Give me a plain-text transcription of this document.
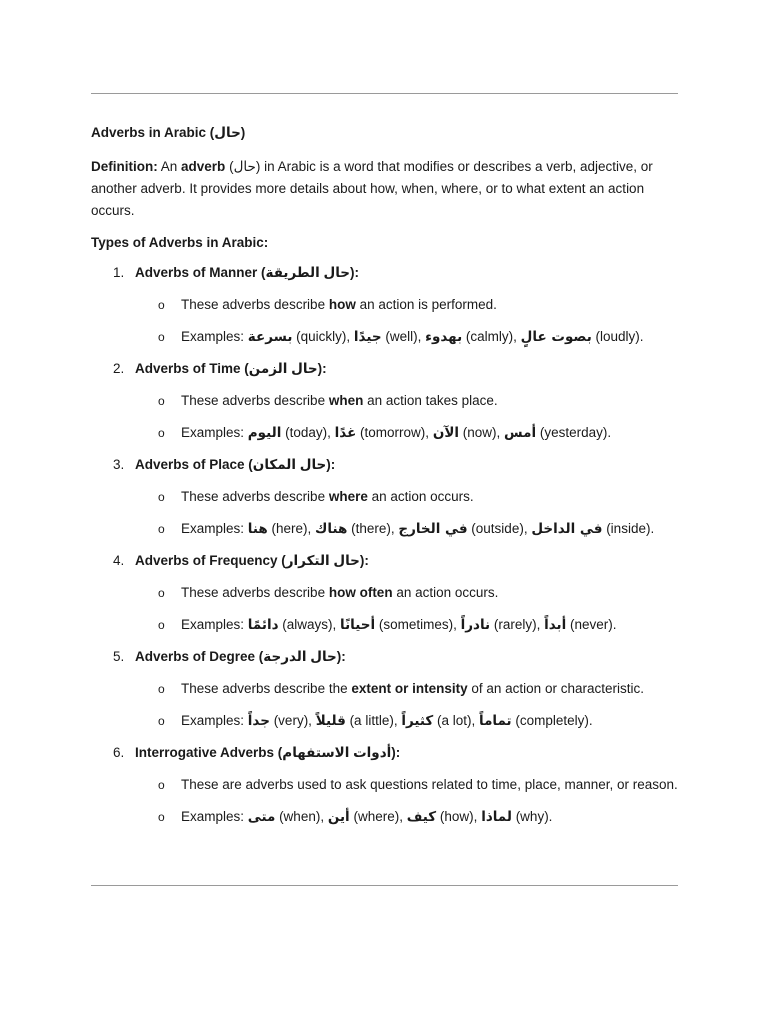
Adverbs in Arabic (حال)

Definition: An adverb (حال) in Arabic is a word that modifies or describes a verb, adjective, or another adverb. It provides more details about how, when, where, or to what extent an action occurs.

Types of Adverbs in Arabic:
1. Adverbs of Manner (حال الطريقة):
o These adverbs describe how an action is performed.
o Examples: بسرعة (quickly), جيدًا (well), بهدوء (calmly), بصوت عالٍ (loudly).
2. Adverbs of Time (حال الزمن):
o These adverbs describe when an action takes place.
o Examples: اليوم (today), غدًا (tomorrow), الآن (now), أمس (yesterday).
3. Adverbs of Place (حال المكان):
o These adverbs describe where an action occurs.
o Examples: هنا (here), هناك (there), في الخارج (outside), في الداخل (inside).
4. Adverbs of Frequency (حال التكرار):
o These adverbs describe how often an action occurs.
o Examples: دائمًا (always), أحيانًا (sometimes), نادراً (rarely), أبداً (never).
5. Adverbs of Degree (حال الدرجة):
o These adverbs describe the extent or intensity of an action or characteristic.
o Examples: جداً (very), قليلاً (a little), كثيراً (a lot), تماماً (completely).
6. Interrogative Adverbs (أدوات الاستفهام):
o These are adverbs used to ask questions related to time, place, manner, or reason.
o Examples: متى (when), أين (where), كيف (how), لماذا (why).
